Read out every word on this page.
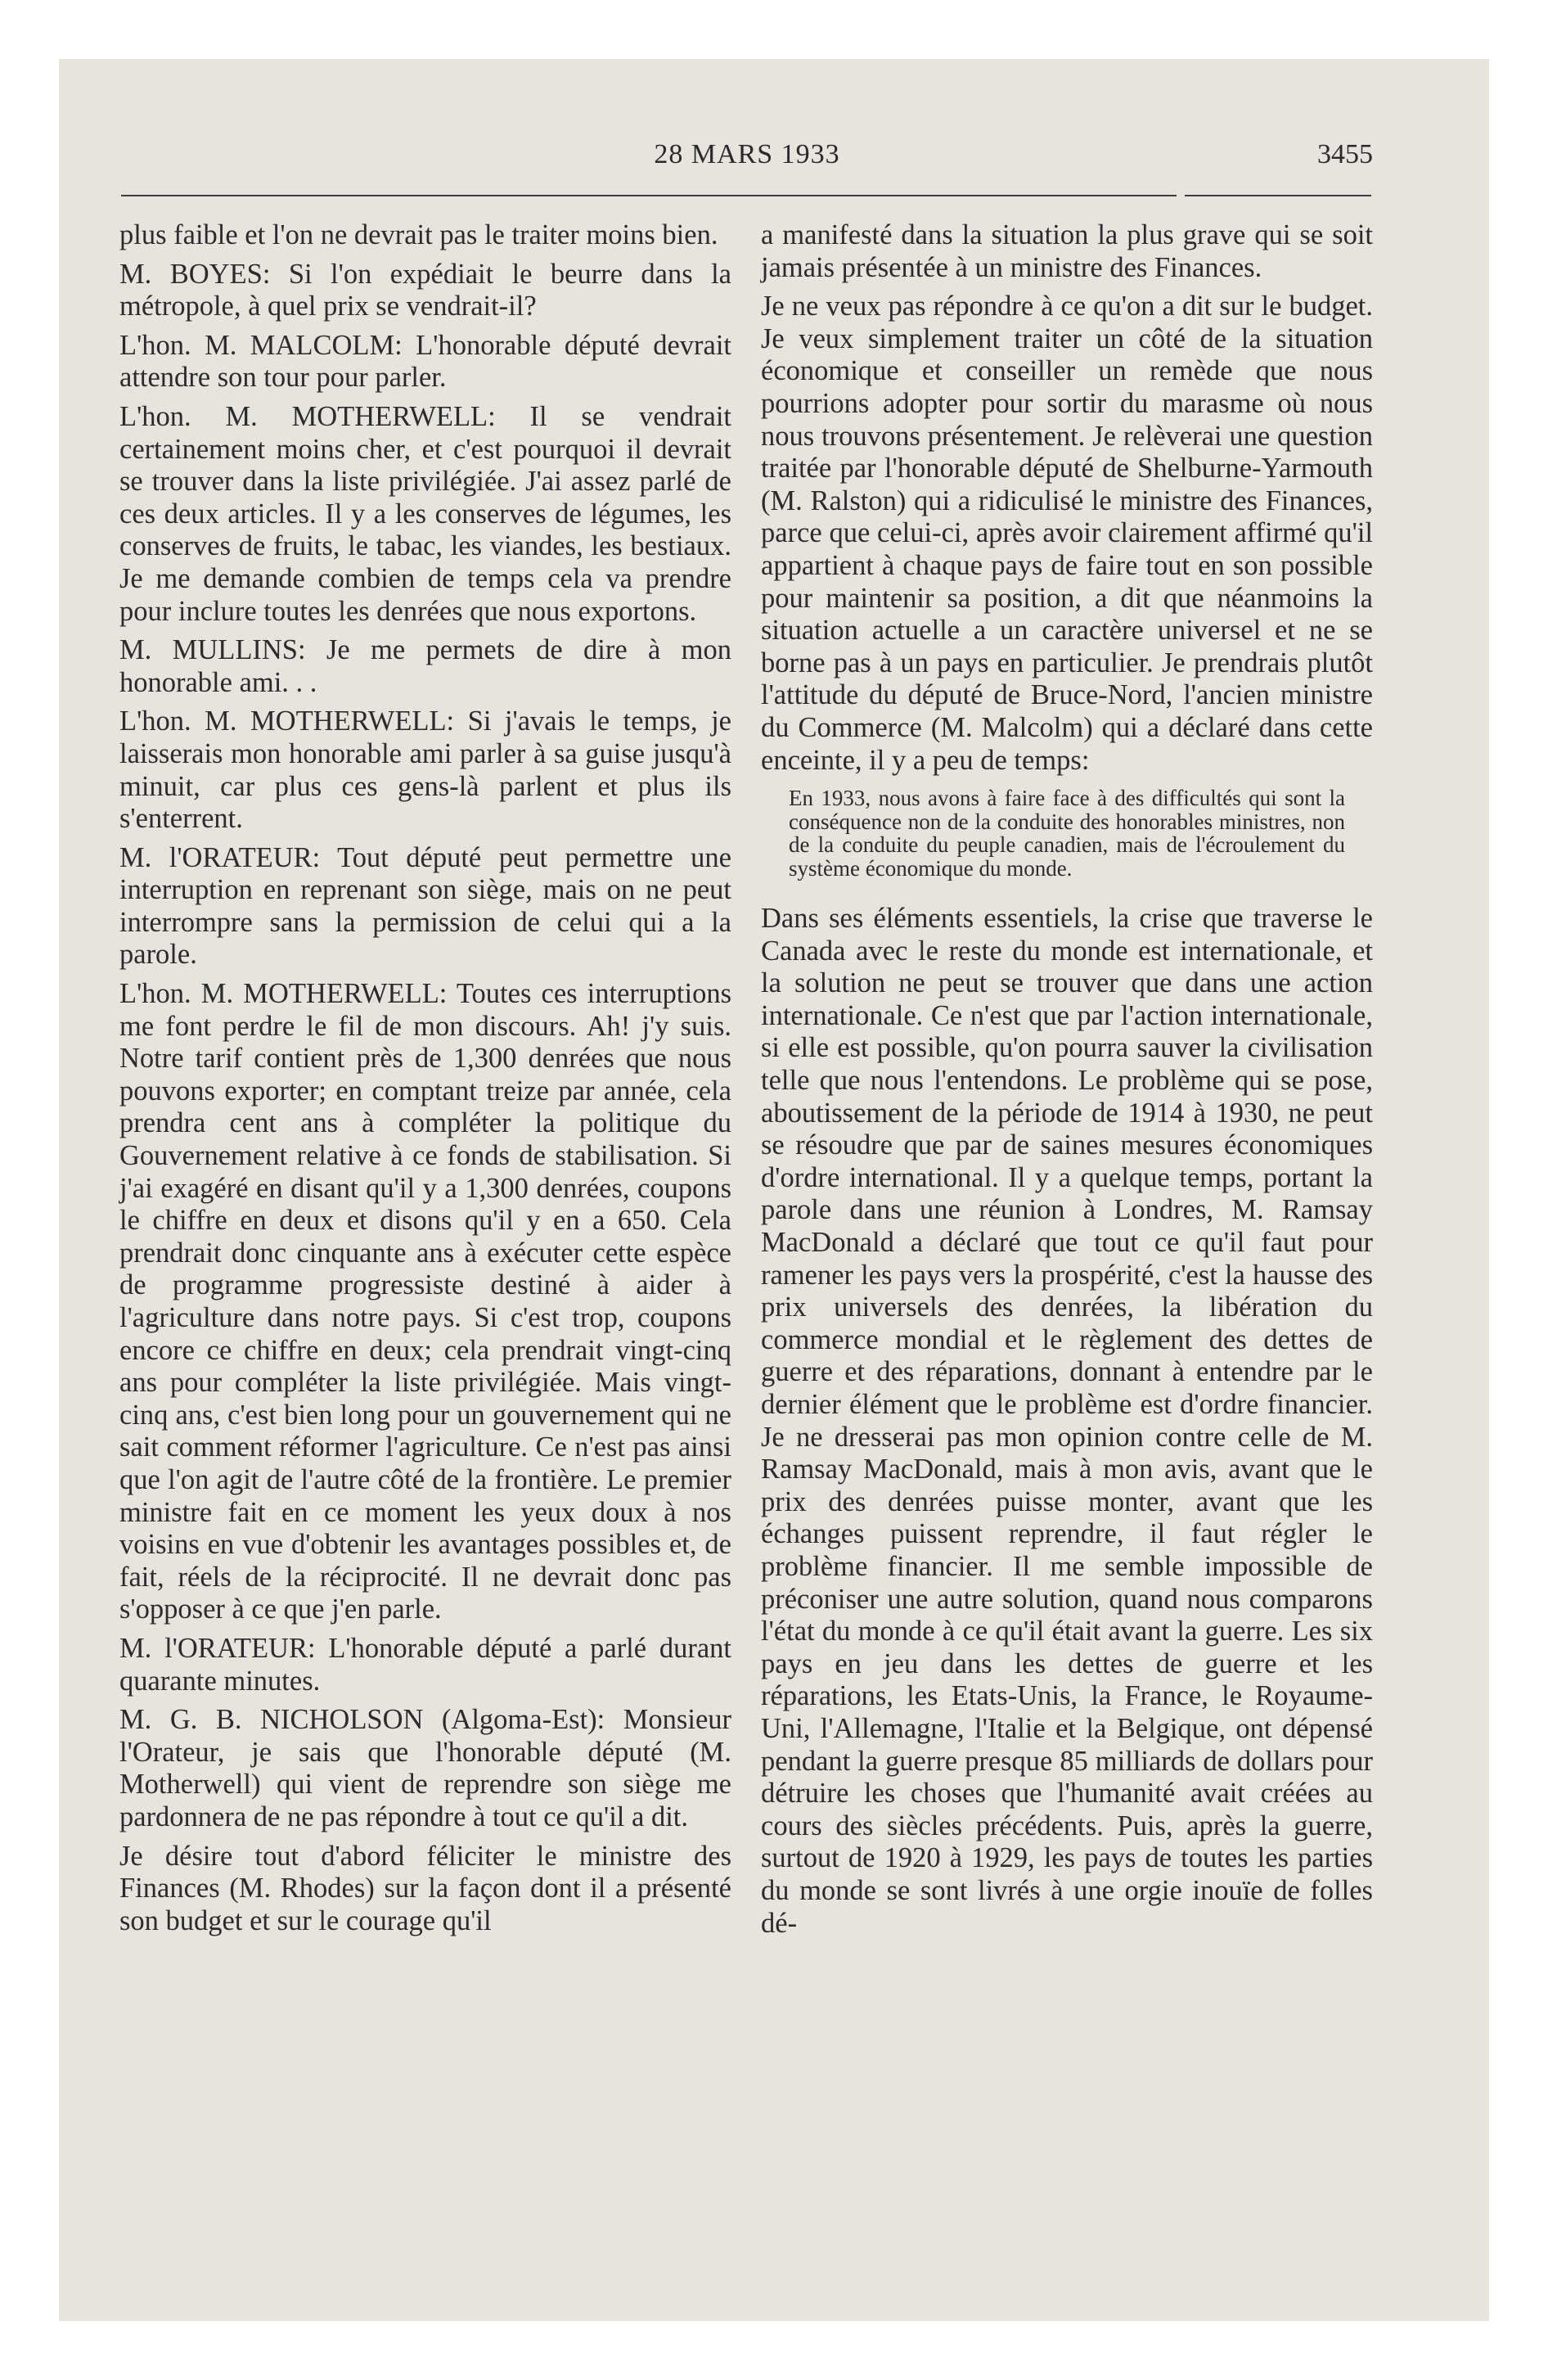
28 MARS 1933	3455

plus faible et l'on ne devrait pas le traiter moins bien.

M. BOYES: Si l'on expédiait le beurre dans la métropole, à quel prix se vendrait-il?

L'hon. M. MALCOLM: L'honorable député devrait attendre son tour pour parler.

L'hon. M. MOTHERWELL: Il se vendrait certainement moins cher, et c'est pourquoi il devrait se trouver dans la liste privilégiée. J'ai assez parlé de ces deux articles. Il y a les conserves de légumes, les conserves de fruits, le tabac, les viandes, les bestiaux. Je me demande combien de temps cela va prendre pour inclure toutes les denrées que nous exportons.

M. MULLINS: Je me permets de dire à mon honorable ami. . .

L'hon. M. MOTHERWELL: Si j'avais le temps, je laisserais mon honorable ami parler à sa guise jusqu'à minuit, car plus ces gens-là parlent et plus ils s'enterrent.

M. l'ORATEUR: Tout député peut permettre une interruption en reprenant son siège, mais on ne peut interrompre sans la permission de celui qui a la parole.

L'hon. M. MOTHERWELL: Toutes ces interruptions me font perdre le fil de mon discours. Ah! j'y suis. Notre tarif contient près de 1,300 denrées que nous pouvons exporter; en comptant treize par année, cela prendra cent ans à compléter la politique du Gouvernement relative à ce fonds de stabilisation. Si j'ai exagéré en disant qu'il y a 1,300 denrées, coupons le chiffre en deux et disons qu'il y en a 650. Cela prendrait donc cinquante ans à exécuter cette espèce de programme progressiste destiné à aider à l'agriculture dans notre pays. Si c'est trop, coupons encore ce chiffre en deux; cela prendrait vingt-cinq ans pour compléter la liste privilégiée. Mais vingt-cinq ans, c'est bien long pour un gouvernement qui ne sait comment réformer l'agriculture. Ce n'est pas ainsi que l'on agit de l'autre côté de la frontière. Le premier ministre fait en ce moment les yeux doux à nos voisins en vue d'obtenir les avantages possibles et, de fait, réels de la réciprocité. Il ne devrait donc pas s'opposer à ce que j'en parle.

M. l'ORATEUR: L'honorable député a parlé durant quarante minutes.

M. G. B. NICHOLSON (Algoma-Est): Monsieur l'Orateur, je sais que l'honorable député (M. Motherwell) qui vient de reprendre son siège me pardonnera de ne pas répondre à tout ce qu'il a dit.

Je désire tout d'abord féliciter le ministre des Finances (M. Rhodes) sur la façon dont il a présenté son budget et sur le courage qu'il

a manifesté dans la situation la plus grave qui se soit jamais présentée à un ministre des Finances.

Je ne veux pas répondre à ce qu'on a dit sur le budget. Je veux simplement traiter un côté de la situation économique et conseiller un remède que nous pourrions adopter pour sortir du marasme où nous nous trouvons présentement. Je relèverai une question traitée par l'honorable député de Shelburne-Yarmouth (M. Ralston) qui a ridiculisé le ministre des Finances, parce que celui-ci, après avoir clairement affirmé qu'il appartient à chaque pays de faire tout en son possible pour maintenir sa position, a dit que néanmoins la situation actuelle a un caractère universel et ne se borne pas à un pays en particulier. Je prendrais plutôt l'attitude du député de Bruce-Nord, l'ancien ministre du Commerce (M. Malcolm) qui a déclaré dans cette enceinte, il y a peu de temps:

En 1933, nous avons à faire face à des difficultés qui sont la conséquence non de la conduite des honorables ministres, non de la conduite du peuple canadien, mais de l'écroulement du système économique du monde.

Dans ses éléments essentiels, la crise que traverse le Canada avec le reste du monde est internationale, et la solution ne peut se trouver que dans une action internationale. Ce n'est que par l'action internationale, si elle est possible, qu'on pourra sauver la civilisation telle que nous l'entendons. Le problème qui se pose, aboutissement de la période de 1914 à 1930, ne peut se résoudre que par de saines mesures économiques d'ordre international. Il y a quelque temps, portant la parole dans une réunion à Londres, M. Ramsay MacDonald a déclaré que tout ce qu'il faut pour ramener les pays vers la prospérité, c'est la hausse des prix universels des denrées, la libération du commerce mondial et le règlement des dettes de guerre et des réparations, donnant à entendre par le dernier élément que le problème est d'ordre financier. Je ne dresserai pas mon opinion contre celle de M. Ramsay MacDonald, mais à mon avis, avant que le prix des denrées puisse monter, avant que les échanges puissent reprendre, il faut régler le problème financier. Il me semble impossible de préconiser une autre solution, quand nous comparons l'état du monde à ce qu'il était avant la guerre. Les six pays en jeu dans les dettes de guerre et les réparations, les Etats-Unis, la France, le Royaume-Uni, l'Allemagne, l'Italie et la Belgique, ont dépensé pendant la guerre presque 85 milliards de dollars pour détruire les choses que l'humanité avait créées au cours des siècles précédents. Puis, après la guerre, surtout de 1920 à 1929, les pays de toutes les parties du monde se sont livrés à une orgie inouïe de folles dé-
